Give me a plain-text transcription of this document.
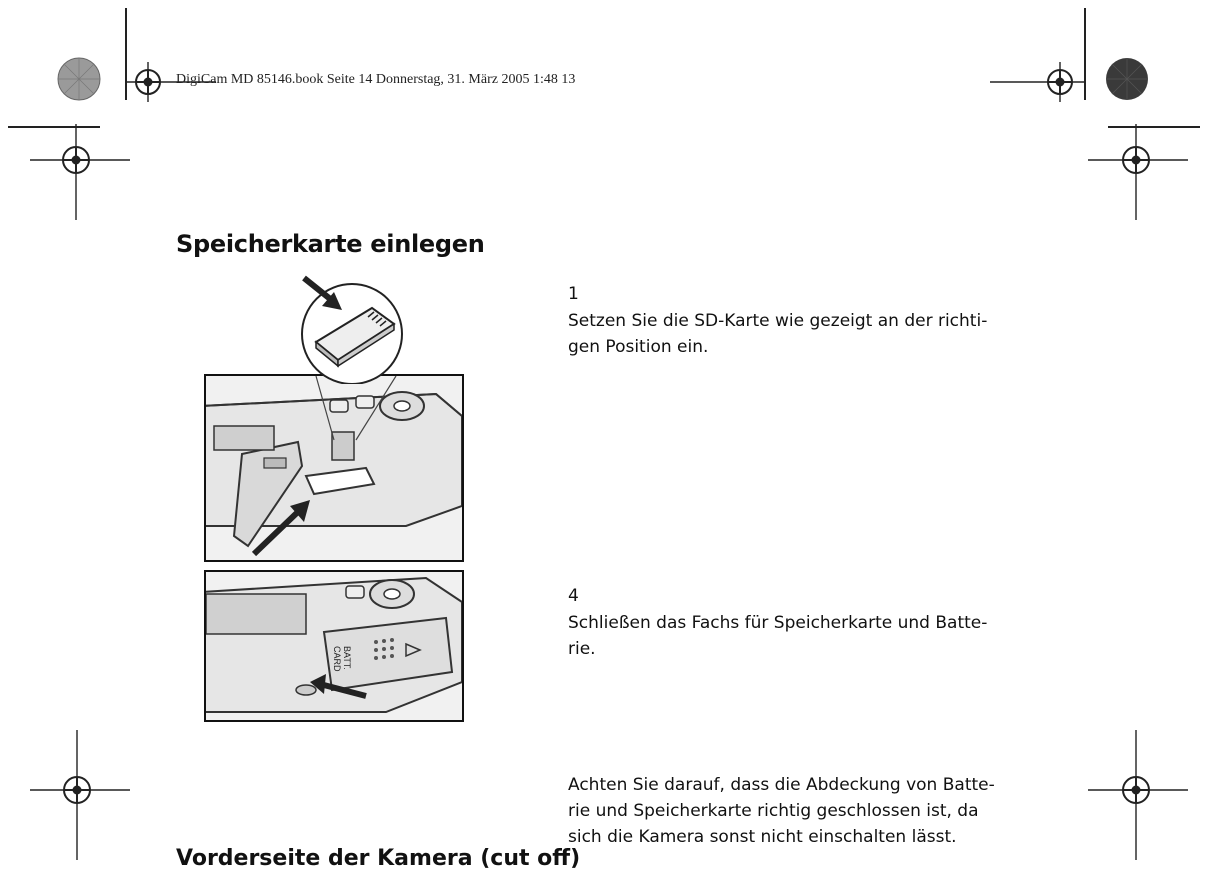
DigiCam MD 85146.book Seite 14 Donnerstag, 31. März 2005 1:48 13
Speicherkarte einlegen
BATT.
CARD
1
Setzen Sie die SD-Karte wie gezeigt an der richti-gen Position ein.
4
Schließen das Fachs für Speicherkarte und Batte-rie.
Achten Sie darauf, dass die Abdeckung von Batte-rie und Speicherkarte richtig geschlossen ist, da sich die Kamera sonst nicht einschalten lässt.
Vorderseite der Kamera (cut off)
